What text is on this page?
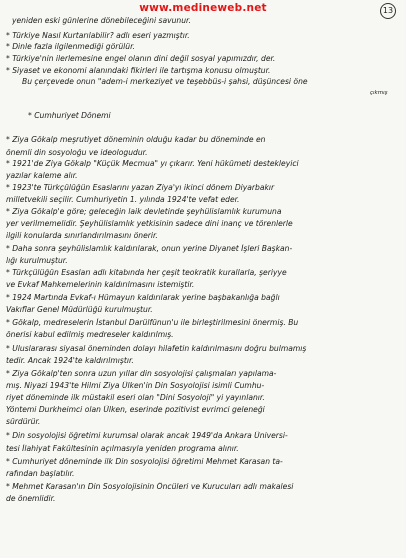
www.medineweb.net	13
yeniden eski günlerine dönebileceğini savunur.
* Türkiye Nasıl Kurtarılabilir? adlı eseri yazmıştır.
* Dinle fazla ilgilenmediği görülür.
* Türkiye'nin ilerlemesine engel olanın dini değil sosyal yapımızdır, der.
* Siyaset ve ekonomi alanındaki fikirleri ile tartışma konusu olmuştur.
Bu çerçevede onun "adem-i merkeziyet ve teşebbüs-i şahsi, düşüncesi öne
çıkmış
* Cumhuriyet Dönemi
* Ziya Gökalp meşrutiyet döneminin olduğu kadar bu döneminde en
önemli din sosyoloğu ve ideologudur.
* 1921'de Ziya Gökalp "Küçük Mecmua" yı çıkarır. Yeni hükümeti destekleyici
yazılar kaleme alır.
* 1923'te Türkçülüğün Esaslarını yazan Ziya'yı ikinci dönem Diyarbakır
milletvekili seçilir. Cumhuriyetin 1. yılında 1924'te vefat eder.
* Ziya Gökalp'e göre; geleceğin laik devletinde şeyhülislamlık kurumuna
yer verilmemelidir. Şeyhülislamlık yetkisinin sadece dini inanç ve törenlerle
ilgili konularda sınırlandırılmasını önerir.
* Daha sonra şeyhülislamlık kaldırılarak, onun yerine Diyanet İşleri Başkan-
lığı kurulmuştur.
* Türkçülüğün Esasları adlı kitabında her çeşit teokratik kurallarla, şeriyye
ve Evkaf Mahkemelerinin kaldırılmasını istemiştir.
* 1924 Martında Evkaf-ı Hümayun kaldırılarak yerine başbakanlığa bağlı
Vakıflar Genel Müdürlüğü kurulmuştur.
* Gökalp, medreselerin İstanbul Darülfünun'u ile birleştirilmesini önermiş. Bu
önerisi kabul edilmiş medreseler kaldırılmış.
* Uluslararası siyasal öneminden dolayı hilafetin kaldırılmasını doğru bulmamış
tedir. Ancak 1924'te kaldırılmıştır.
* Ziya Gökalp'ten sonra uzun yıllar din sosyolojisi çalışmaları yapılama-
mış. Niyazi 1943'te Hilmi Ziya Ülken'in Din Sosyolojisi isimli Cumhu-
riyet döneminde ilk müstakil eseri olan "Dini Sosyoloji" yi yayınlanır.
Yöntemi Durkheimci olan Ülken, eserinde pozitivist evrimci geleneği
sürdürür.
* Din sosyolojisi öğretimi kurumsal olarak ancak 1949'da Ankara Üniversi-
tesi İlahiyat Fakültesinin açılmasıyla yeniden programa alınır.
* Cumhuriyet döneminde ilk Din sosyolojisi öğretimi Mehmet Karasan ta-
rafından başlatılır.
* Mehmet Karasan'ın Din Sosyolojisinin Öncüleri ve Kurucuları adlı makalesi
de önemlidir.
